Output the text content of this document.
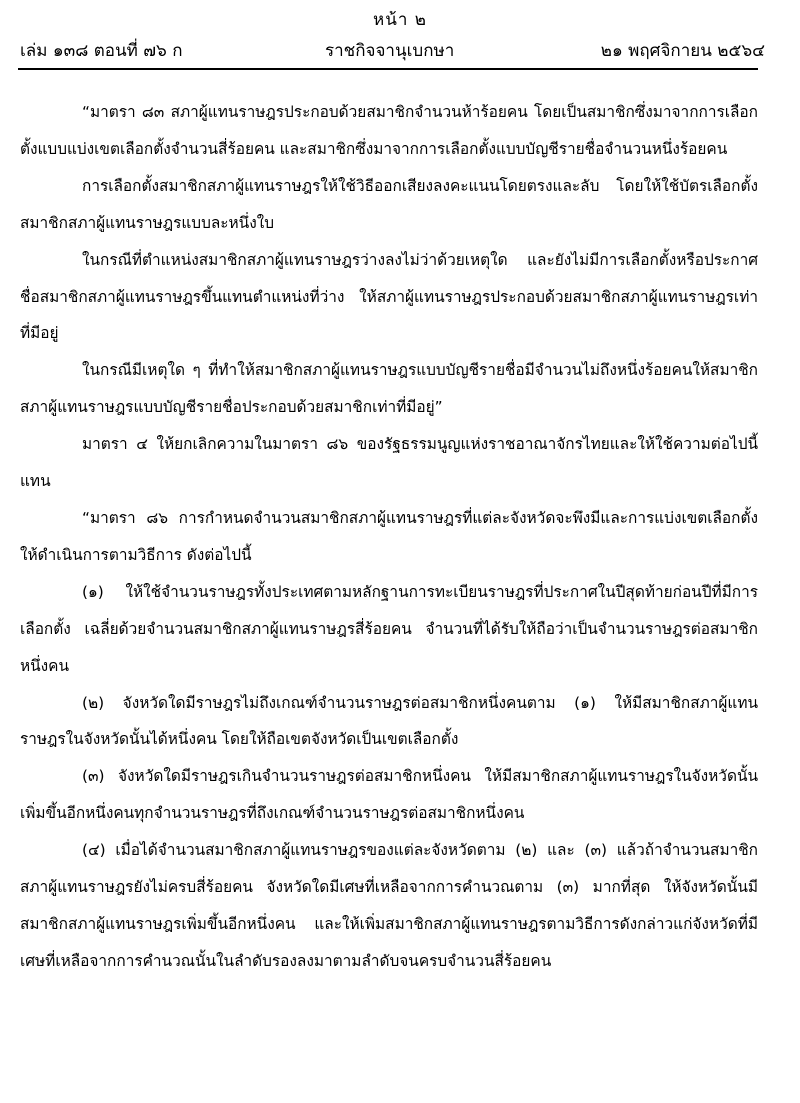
หน้า ๒
เล่ม ๑๓๘ ตอนที่ ๗๖ ก	ราชกิจจานุเบกษา	๒๑ พฤศจิกายน ๒๕๖๔

“มาตรา ๘๓ สภาผู้แทนราษฎรประกอบด้วยสมาชิกจำนวนห้าร้อยคน โดยเป็นสมาชิกซึ่งมาจากการเลือกตั้งแบบแบ่งเขตเลือกตั้งจำนวนสี่ร้อยคน และสมาชิกซึ่งมาจากการเลือกตั้งแบบบัญชีรายชื่อจำนวนหนึ่งร้อยคน

การเลือกตั้งสมาชิกสภาผู้แทนราษฎรให้ใช้วิธีออกเสียงลงคะแนนโดยตรงและลับ โดยให้ใช้บัตรเลือกตั้งสมาชิกสภาผู้แทนราษฎรแบบละหนึ่งใบ

ในกรณีที่ตำแหน่งสมาชิกสภาผู้แทนราษฎรว่างลงไม่ว่าด้วยเหตุใด และยังไม่มีการเลือกตั้งหรือประกาศชื่อสมาชิกสภาผู้แทนราษฎรขึ้นแทนตำแหน่งที่ว่าง ให้สภาผู้แทนราษฎรประกอบด้วยสมาชิกสภาผู้แทนราษฎรเท่าที่มีอยู่

ในกรณีมีเหตุใด ๆ ที่ทำให้สมาชิกสภาผู้แทนราษฎรแบบบัญชีรายชื่อมีจำนวนไม่ถึงหนึ่งร้อยคนให้สมาชิกสภาผู้แทนราษฎรแบบบัญชีรายชื่อประกอบด้วยสมาชิกเท่าที่มีอยู่”

มาตรา ๔ ให้ยกเลิกความในมาตรา ๘๖ ของรัฐธรรมนูญแห่งราชอาณาจักรไทยและให้ใช้ความต่อไปนี้แทน

“มาตรา ๘๖ การกำหนดจำนวนสมาชิกสภาผู้แทนราษฎรที่แต่ละจังหวัดจะพึงมีและการแบ่งเขตเลือกตั้ง ให้ดำเนินการตามวิธีการ ดังต่อไปนี้

(๑) ให้ใช้จำนวนราษฎรทั้งประเทศตามหลักฐานการทะเบียนราษฎรที่ประกาศในปีสุดท้ายก่อนปีที่มีการเลือกตั้ง เฉลี่ยด้วยจำนวนสมาชิกสภาผู้แทนราษฎรสี่ร้อยคน จำนวนที่ได้รับให้ถือว่าเป็นจำนวนราษฎรต่อสมาชิกหนึ่งคน

(๒) จังหวัดใดมีราษฎรไม่ถึงเกณฑ์จำนวนราษฎรต่อสมาชิกหนึ่งคนตาม (๑) ให้มีสมาชิกสภาผู้แทนราษฎรในจังหวัดนั้นได้หนึ่งคน โดยให้ถือเขตจังหวัดเป็นเขตเลือกตั้ง

(๓) จังหวัดใดมีราษฎรเกินจำนวนราษฎรต่อสมาชิกหนึ่งคน ให้มีสมาชิกสภาผู้แทนราษฎรในจังหวัดนั้นเพิ่มขึ้นอีกหนึ่งคนทุกจำนวนราษฎรที่ถึงเกณฑ์จำนวนราษฎรต่อสมาชิกหนึ่งคน

(๔) เมื่อได้จำนวนสมาชิกสภาผู้แทนราษฎรของแต่ละจังหวัดตาม (๒) และ (๓) แล้วถ้าจำนวนสมาชิกสภาผู้แทนราษฎรยังไม่ครบสี่ร้อยคน จังหวัดใดมีเศษที่เหลือจากการคำนวณตาม (๓) มากที่สุด ให้จังหวัดนั้นมีสมาชิกสภาผู้แทนราษฎรเพิ่มขึ้นอีกหนึ่งคน และให้เพิ่มสมาชิกสภาผู้แทนราษฎรตามวิธีการดังกล่าวแก่จังหวัดที่มีเศษที่เหลือจากการคำนวณนั้นในลำดับรองลงมาตามลำดับจนครบจำนวนสี่ร้อยคน
